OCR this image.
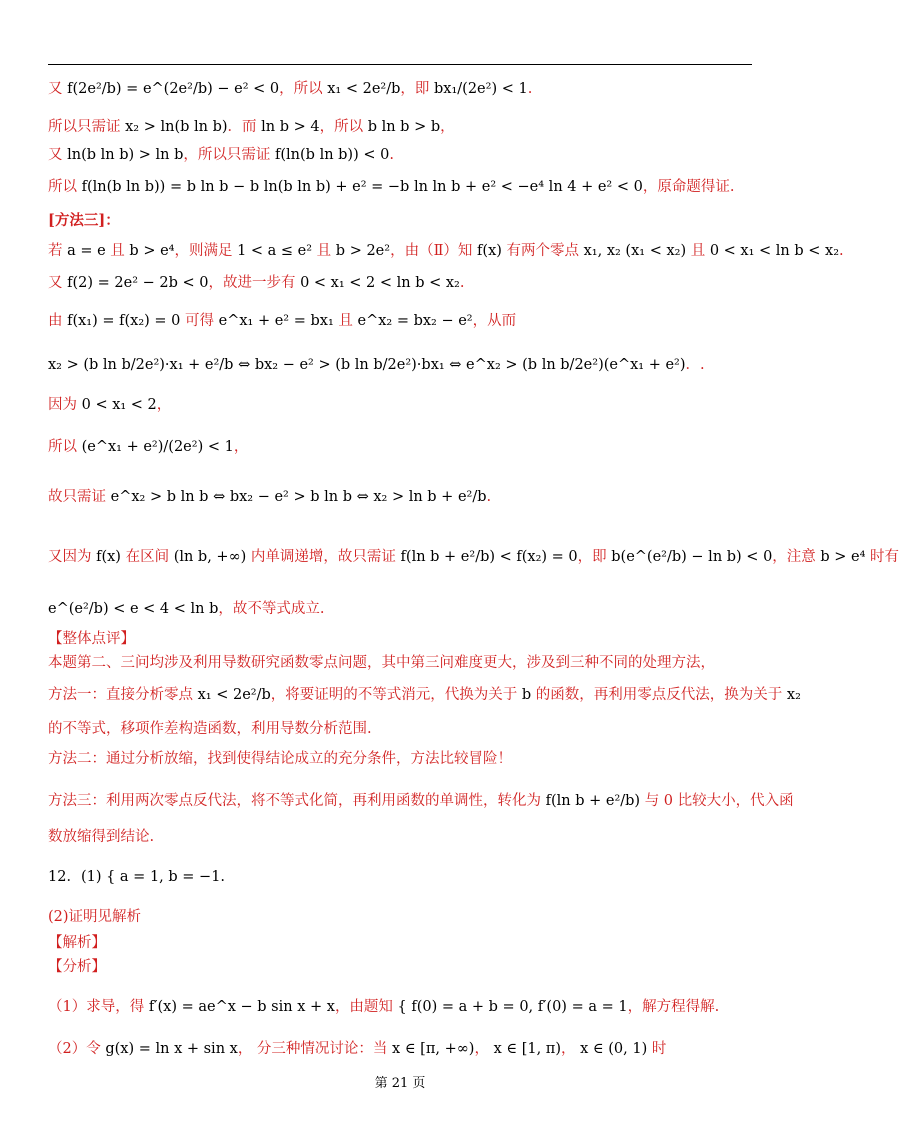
又 f(2e²/b) = e^(2e²/b) − e² < 0，所以 x₁ < 2e²/b，即 bx₁/(2e²) < 1.
所以只需证 x₂ > ln(b ln b)．而 ln b > 4，所以 b ln b > b，
又 ln(b ln b) > ln b，所以只需证 f(ln(b ln b)) < 0.
所以 f(ln(b ln b)) = b ln b − b ln(b ln b) + e² = −b ln ln b + e² < −e⁴ ln 4 + e² < 0，原命题得证.
[方法三]：
若 a = e 且 b > e⁴，则满足 1 < a ≤ e² 且 b > 2e²，由（Ⅱ）知 f(x) 有两个零点 x₁, x₂ (x₁ < x₂) 且 0 < x₁ < ln b < x₂.
又 f(2) = 2e² − 2b < 0，故进一步有 0 < x₁ < 2 < ln b < x₂.
由 f(x₁) = f(x₂) = 0 可得 e^x₁ + e² = bx₁ 且 e^x₂ = bx₂ − e²，从而
x₂ > (b ln b/2e²)·x₁ + e²/b ⇔ bx₂ − e² > (b ln b/2e²)·bx₁ ⇔ e^x₂ > (b ln b/2e²)(e^x₁ + e²)．.
因为 0 < x₁ < 2，
所以 (e^x₁ + e²)/(2e²) < 1，
故只需证 e^x₂ > b ln b ⇔ bx₂ − e² > b ln b ⇔ x₂ > ln b + e²/b.
又因为 f(x) 在区间 (ln b, +∞) 内单调递增，故只需证 f(ln b + e²/b) < f(x₂) = 0，即 b(e^(e²/b) − ln b) < 0，注意 b > e⁴ 时有
e^(e²/b) < e < 4 < ln b，故不等式成立.
【整体点评】
本题第二、三问均涉及利用导数研究函数零点问题，其中第三问难度更大，涉及到三种不同的处理方法，
方法一：直接分析零点 x₁ < 2e²/b，将要证明的不等式消元，代换为关于 b 的函数，再利用零点反代法，换为关于 x₂
的不等式，移项作差构造函数，利用导数分析范围.
方法二：通过分析放缩，找到使得结论成立的充分条件，方法比较冒险！
方法三：利用两次零点反代法，将不等式化简，再利用函数的单调性，转化为 f(ln b + e²/b) 与 0 比较大小，代入函
数放缩得到结论.
12．(1) { a = 1, b = −1.
(2)证明见解析
【解析】
【分析】
（1）求导，得 f′(x) = ae^x − b sin x + x，由题知 { f(0) = a + b = 0, f′(0) = a = 1，解方程得解.
（2）令 g(x) = ln x + sin x， 分三种情况讨论：当 x ∈ [π, +∞)， x ∈ [1, π)， x ∈ (0, 1) 时
第 21 页
